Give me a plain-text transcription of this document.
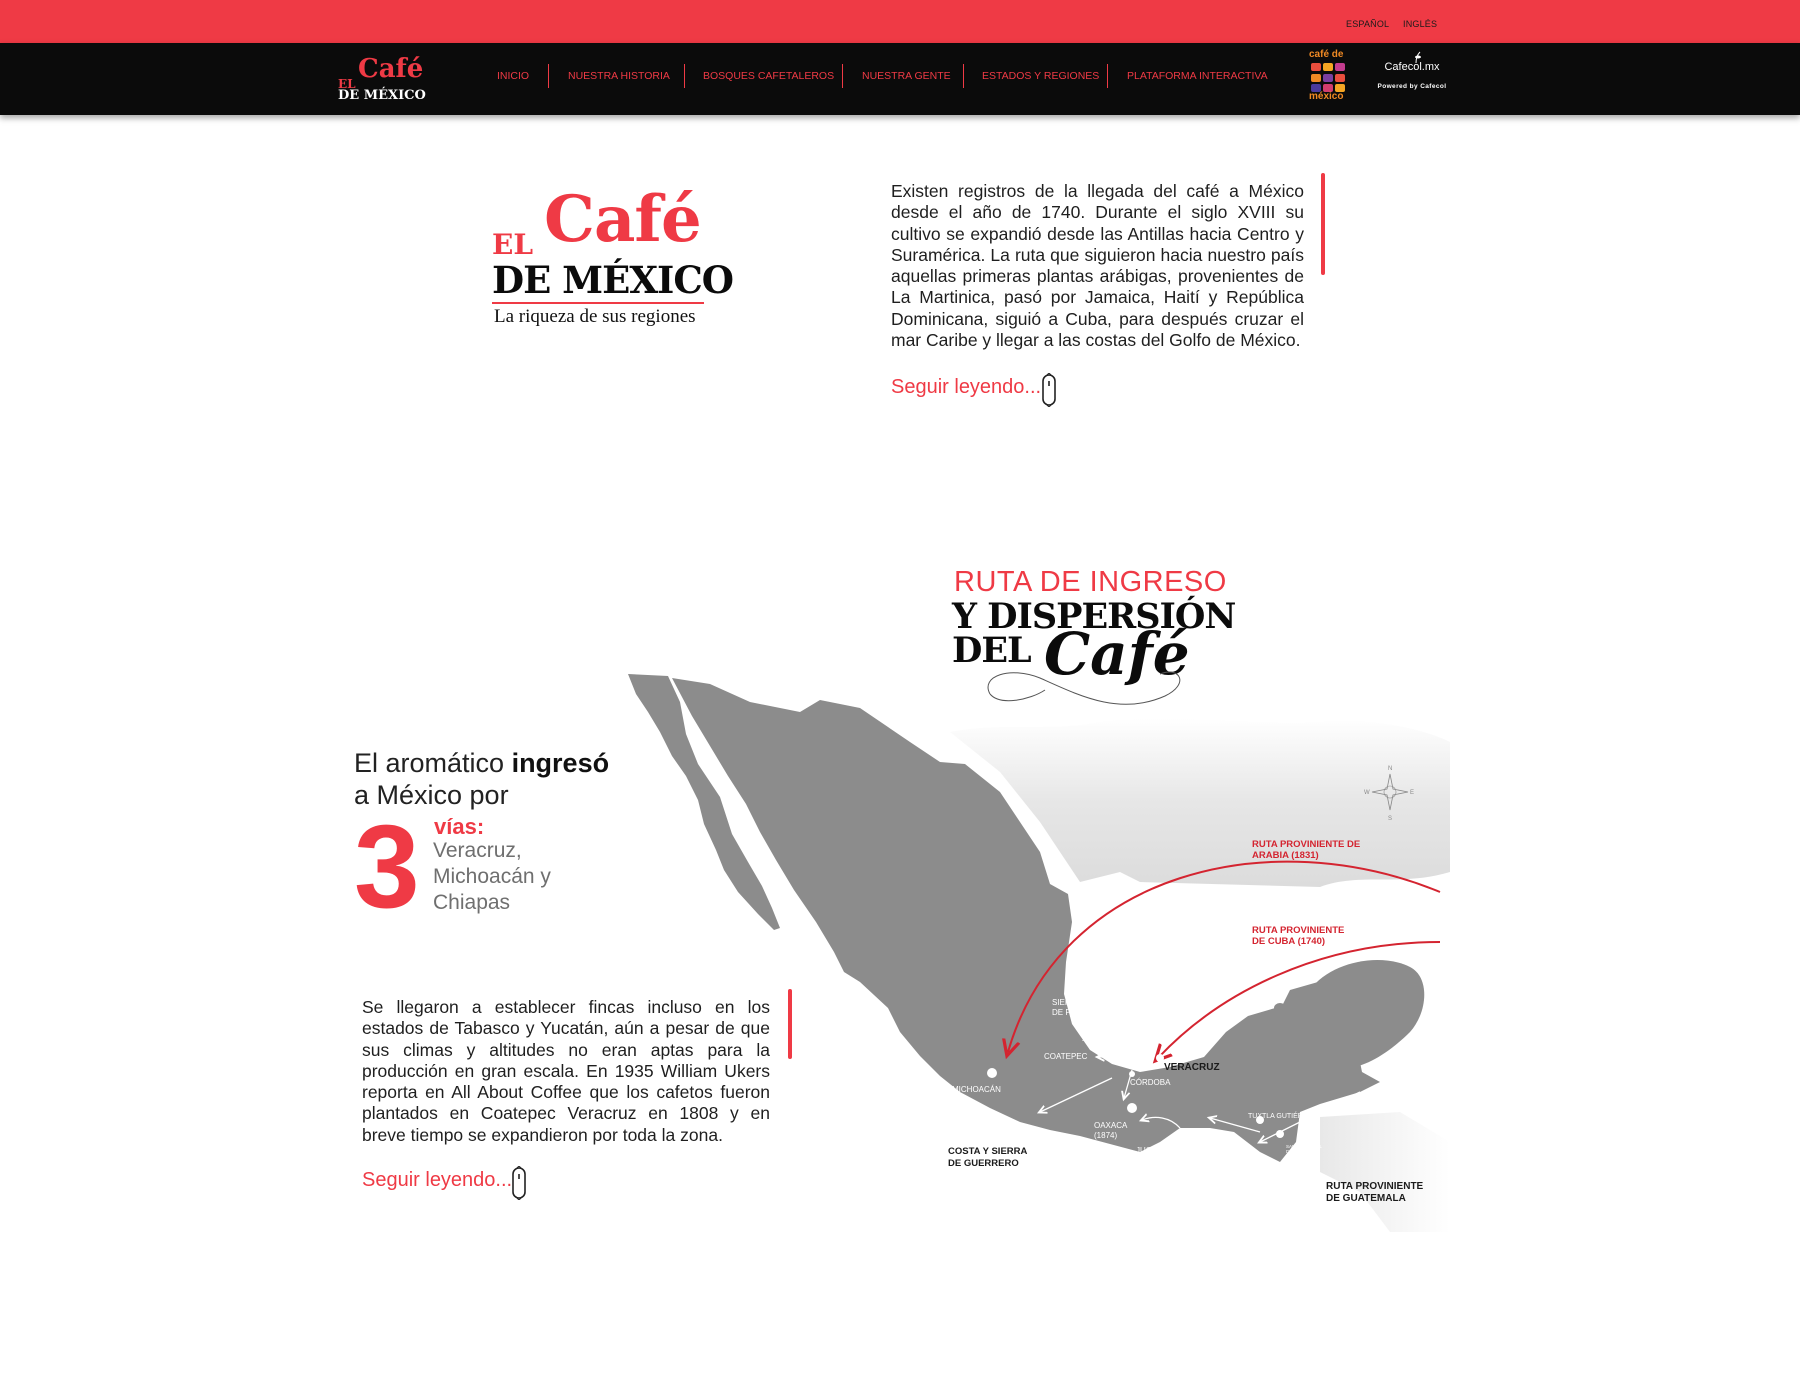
ESPAÑOL INGLÉS
EL Café
DE MÉXICO
INICIO	NUESTRA HISTORIA	BOSQUES CAFETALEROS	NUESTRA GENTE	ESTADOS Y REGIONES	PLATAFORMA INTERACTIVA
café de
méxico
Cafecol.mx
Powered by Cafecol
EL Café
DE MÉXICO
La riqueza de sus regiones

Existen registros de la llegada del café a México desde el año de 1740. Durante el siglo XVIII su cultivo se expandió desde las Antillas hacia Centro y Suramérica. La ruta que siguieron hacia nuestro país aquellas primeras plantas arábigas, provenientes de La Martinica, pasó por Jamaica, Haití y República Dominicana, siguió a Cuba, para después cruzar el mar Caribe y llegar a las costas del Golfo de México.

Seguir leyendo...
RUTA DE INGRESO
Y DISPERSIÓN
DEL Café
El aromático ingresó
a México por
3 vías:
Veracruz,
Michoacán y
Chiapas

Se llegaron a establecer fincas incluso en los estados de Tabasco y Yucatán, aún a pesar de que sus climas y altitudes no eran aptas para la producción en gran escala. En 1935 William Ukers reporta en All About Coffee que los cafetos fueron plantados en Coatepec Veracruz en 1808 y en breve tiempo se expandieron por toda la zona.

Seguir leyendo...
N
W	E
S
RUTA PROVINIENTE DE
ARABIA (1831)
RUTA PROVINIENTE
DE CUBA (1740)
SIERRA NOR TE
DE PUEBLA
XALAPA
COATEPEC
VERACRUZ
CÓRDOBA
MICHOACÁN
OAXACA
(1874)
JUCHITÁN
COSTA Y SIERRA
DE GUERRERO
TUXTLA GUTIÉRREZ
SAN CRISTÓBAL
DE LAS CASAS
(1846)
SOCONUSCO	RUTA PROVINIENTE
DE GUATEMALA
